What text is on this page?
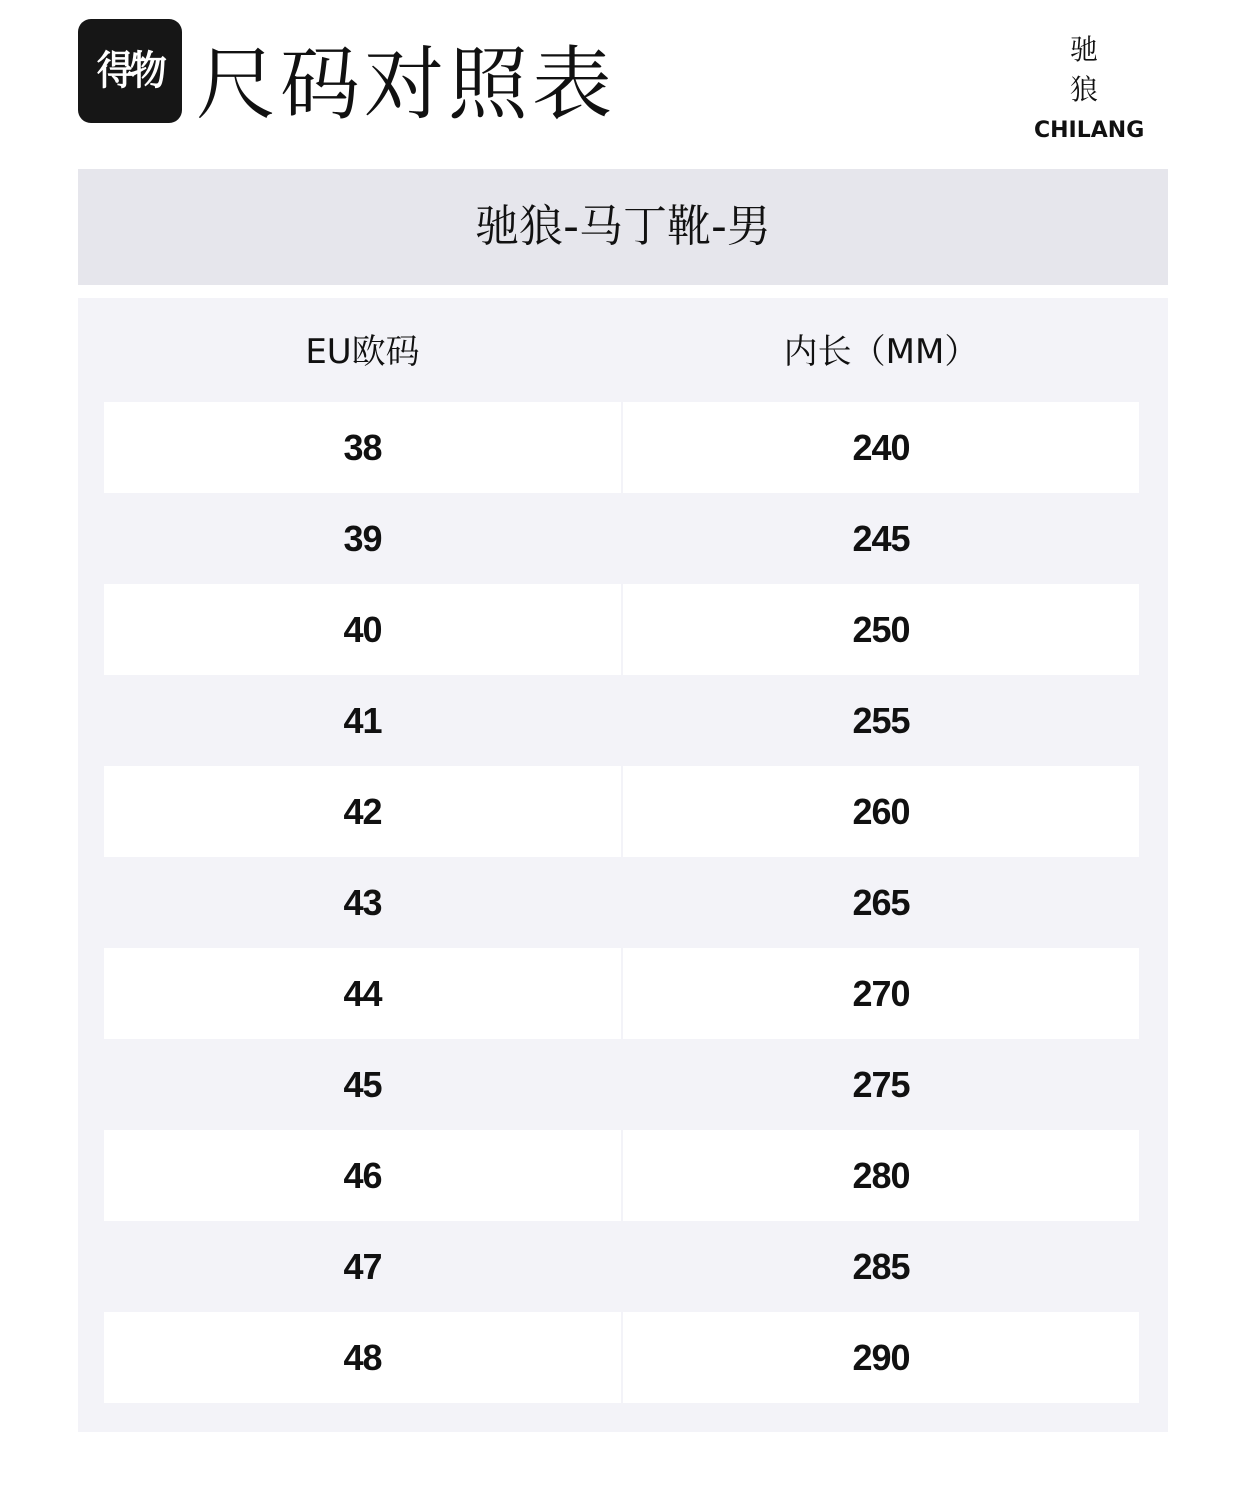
得物 尺码对照表	驰 狼
CHILANG
驰狼-马丁靴-男
EU欧码	内长（MM）
38	240
39	245
40	250
41	255
42	260
43	265
44	270
45	275
46	280
47	285
48	290
